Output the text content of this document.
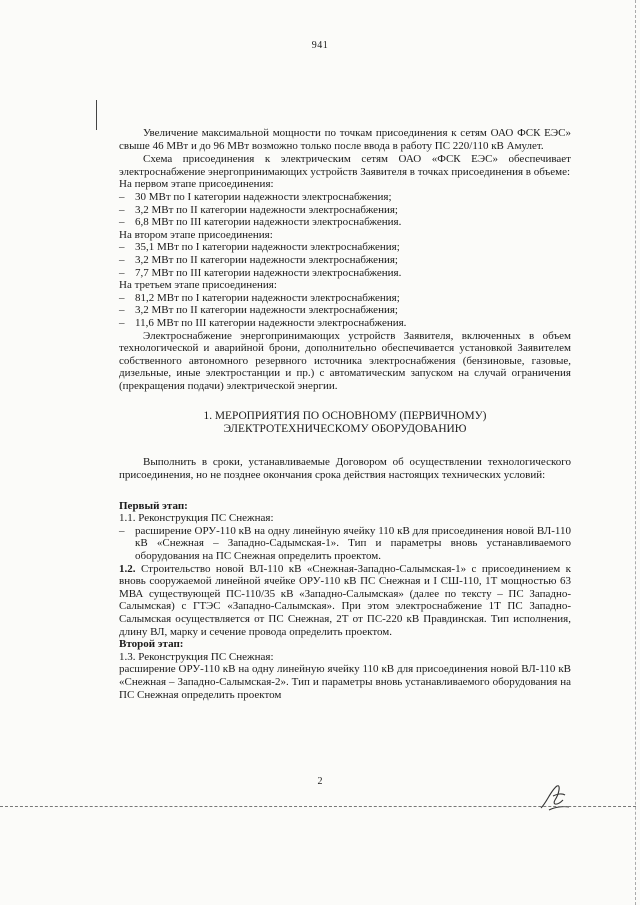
941

Увеличение максимальной мощности по точкам присоединения к сетям ОАО ФСК ЕЭС» свыше 46 МВт и до 96 МВт возможно только после ввода в работу ПС 220/110 кВ Амулет.

Схема присоединения к электрическим сетям ОАО «ФСК ЕЭС» обеспечивает электроснабжение энергопринимающих устройств Заявителя в точках присоединения в объеме:

На первом этапе присоединения:

– 30 МВт по I категории надежности электроснабжения;
– 3,2 МВт по II категории надежности электроснабжения;
– 6,8 МВт по III категории надежности электроснабжения.

На втором этапе присоединения:

– 35,1 МВт по I категории надежности электроснабжения;
– 3,2 МВт по II категории надежности электроснабжения;
– 7,7 МВт по III категории надежности электроснабжения.

На третьем этапе присоединения:

– 81,2 МВт по I категории надежности электроснабжения;
– 3,2 МВт по II категории надежности электроснабжения;
– 11,6 МВт по III категории надежности электроснабжения.

Электроснабжение энергопринимающих устройств Заявителя, включенных в объем технологической и аварийной брони, дополнительно обеспечивается установкой Заявителем собственного автономного резервного источника электроснабжения (бензиновые, газовые, дизельные, иные электростанции и пр.) с автоматическим запуском на случай ограничения (прекращения подачи) электрической энергии.

1. МЕРОПРИЯТИЯ ПО ОСНОВНОМУ (ПЕРВИЧНОМУ)
ЭЛЕКТРОТЕХНИЧЕСКОМУ ОБОРУДОВАНИЮ

Выполнить в сроки, устанавливаемые Договором об осуществлении технологического присоединения, но не позднее окончания срока действия настоящих технических условий:

Первый этап:

1.1. Реконструкция ПС Снежная:

– расширение ОРУ-110 кВ на одну линейную ячейку 110 кВ для присоединения новой ВЛ-110 кВ «Снежная – Западно-Садымская-1». Тип и параметры вновь устанавливаемого оборудования на ПС Снежная определить проектом.

1.2. Строительство новой ВЛ-110 кВ «Снежная-Западно-Салымская-1» с присоединением к вновь сооружаемой линейной ячейке ОРУ-110 кВ ПС Снежная и I СШ-110, 1Т мощностью 63 МВА существующей ПС-110/35 кВ «Западно-Салымская» (далее по тексту – ПС Западно-Салымская) с ГТЭС «Западно-Салымская». При этом электроснабжение 1Т ПС Западно-Салымская осуществляется от ПС Снежная, 2Т от ПС-220 кВ Правдинская. Тип исполнения, длину ВЛ, марку и сечение провода определить проектом.

Второй этап:

1.3. Реконструкция ПС Снежная:

расширение ОРУ-110 кВ на одну линейную ячейку 110 кВ для присоединения новой ВЛ-110 кВ «Снежная – Западно-Салымская-2». Тип и параметры вновь устанавливаемого оборудования на ПС Снежная определить проектом

2
